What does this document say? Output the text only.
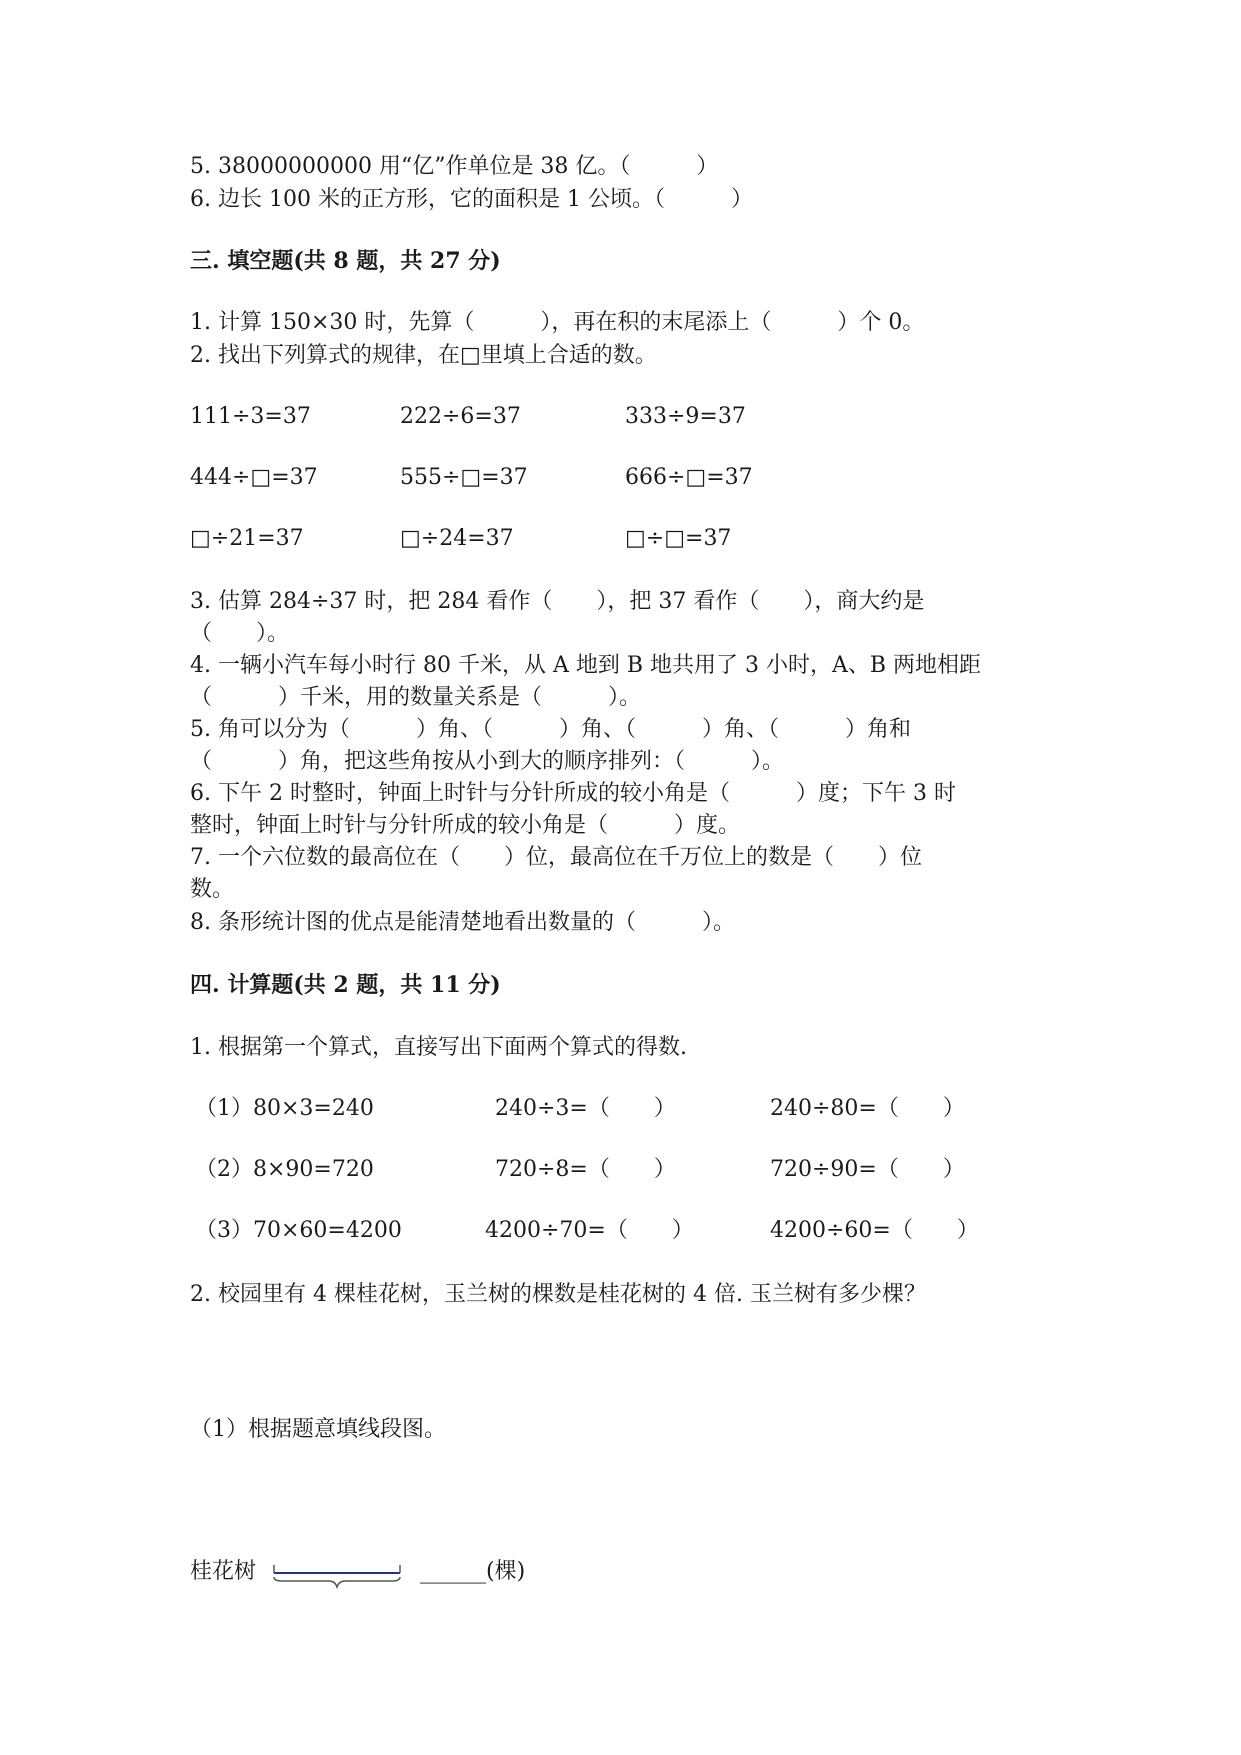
5. 38000000000 用“亿”作单位是 38 亿。（　　　）
6. 边长 100 米的正方形，它的面积是 1 公顷。（　　　）
三. 填空题(共 8 题，共 27 分)
1. 计算 150×30 时，先算（　　　），再在积的末尾添上（　　　）个 0。
2. 找出下列算式的规律，在□里填上合适的数。
111÷3=37	222÷6=37	333÷9=37
444÷□=37	555÷□=37	666÷□=37
□÷21=37	□÷24=37	□÷□=37
3. 估算 284÷37 时，把 284 看作（　　），把 37 看作（　　），商大约是
（　　）。
4. 一辆小汽车每小时行 80 千米，从 A 地到 B 地共用了 3 小时，A、B 两地相距
（　　　）千米，用的数量关系是（　　　）。
5. 角可以分为（　　　）角、（　　　）角、（　　　）角、（　　　）角和
（　　　）角，把这些角按从小到大的顺序排列：（　　　）。
6. 下午 2 时整时，钟面上时针与分针所成的较小角是（　　　）度；下午 3 时
整时，钟面上时针与分针所成的较小角是（　　　）度。
7. 一个六位数的最高位在（　　）位，最高位在千万位上的数是（　　）位
数。
8. 条形统计图的优点是能清楚地看出数量的（　　　）。
四. 计算题(共 2 题，共 11 分)
1. 根据第一个算式，直接写出下面两个算式的得数.
（1）80×3=240	240÷3=（　　）	240÷80=（　　）
（2）8×90=720	720÷8=（　　）	720÷90=（　　）
（3）70×60=4200	4200÷70=（　　）	4200÷60=（　　）
2. 校园里有 4 棵桂花树，玉兰树的棵数是桂花树的 4 倍. 玉兰树有多少棵？
（1）根据题意填线段图。
桂花树	______(棵)
